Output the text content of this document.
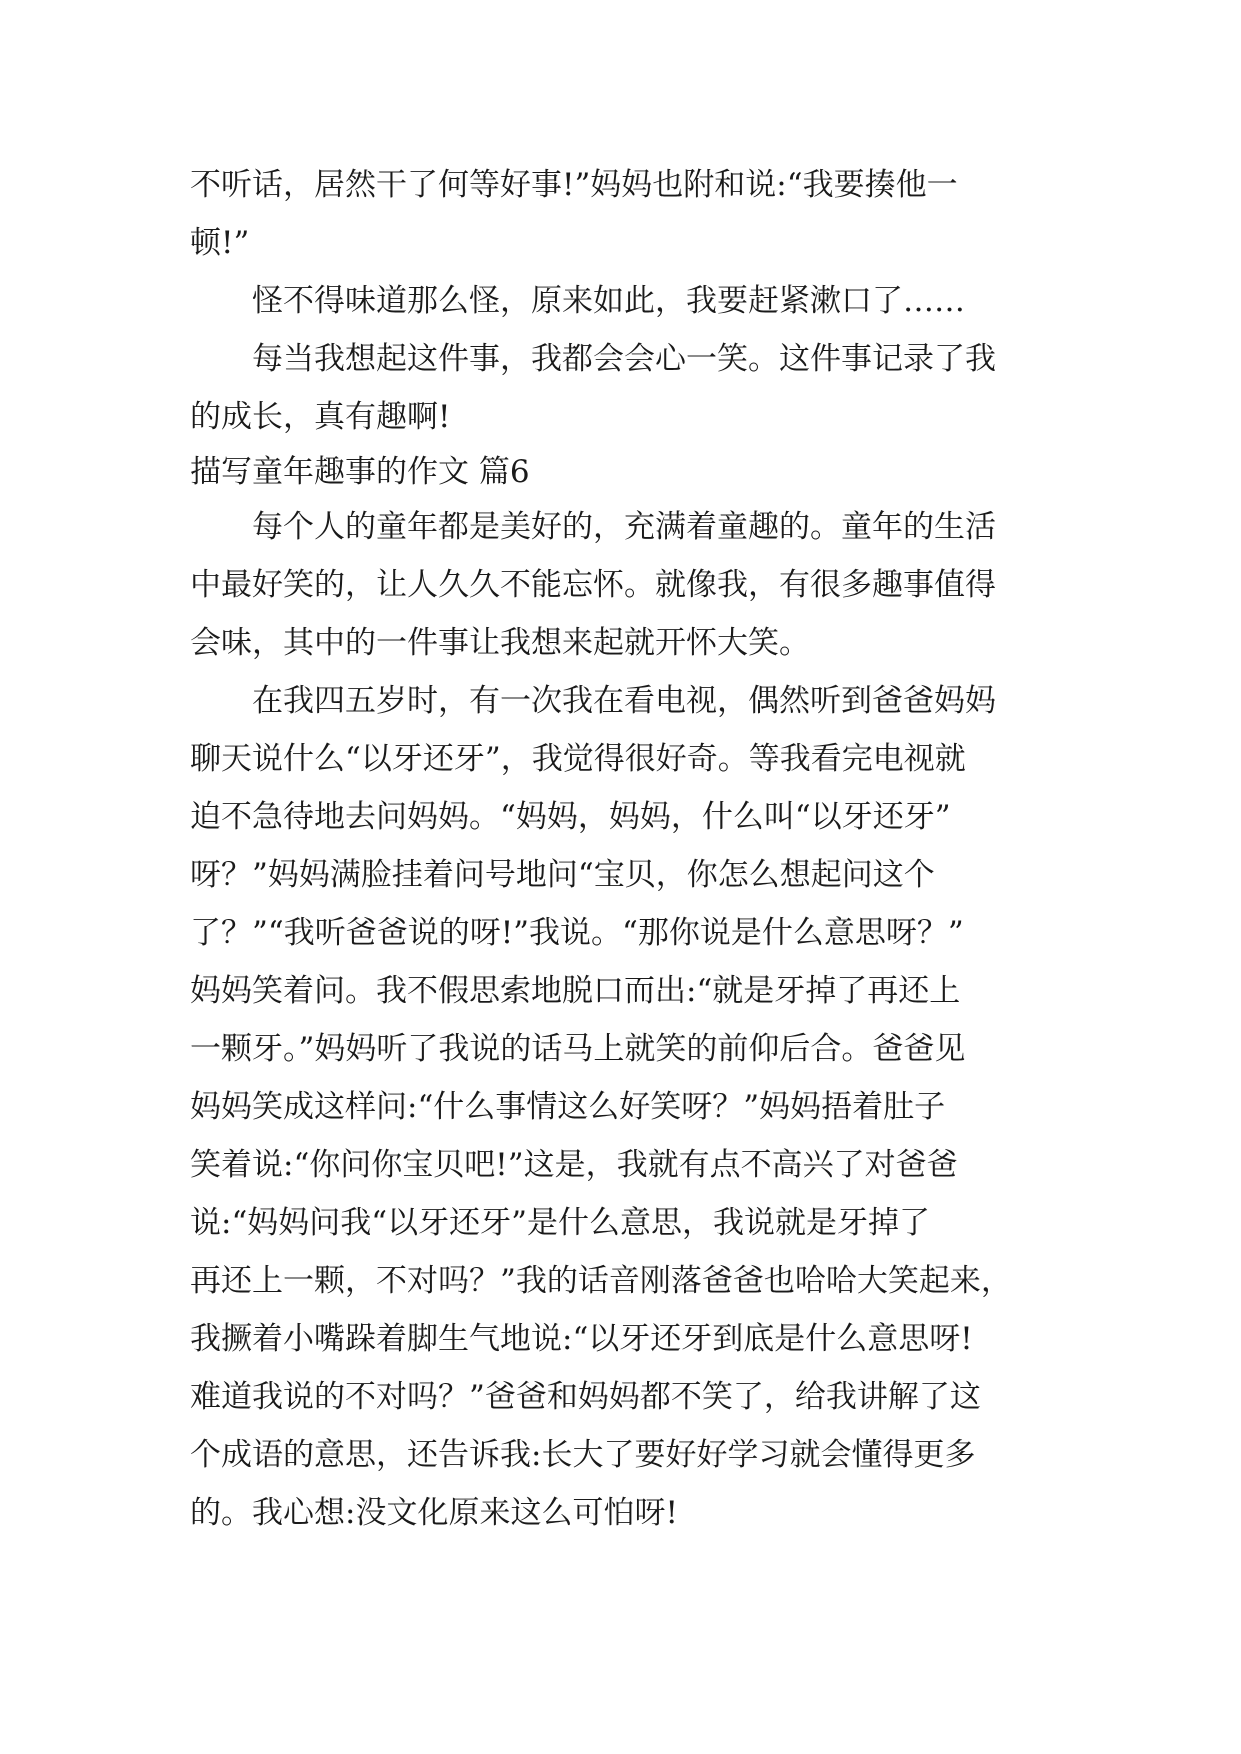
不听话，居然干了何等好事!”妈妈也附和说:“我要揍他一
顿!”
　　怪不得味道那么怪，原来如此，我要赶紧漱口了……
　　每当我想起这件事，我都会会心一笑。这件事记录了我
的成长，真有趣啊!
描写童年趣事的作文 篇6
　　每个人的童年都是美好的，充满着童趣的。童年的生活
中最好笑的，让人久久不能忘怀。就像我，有很多趣事值得
会味，其中的一件事让我想来起就开怀大笑。
　　在我四五岁时，有一次我在看电视，偶然听到爸爸妈妈
聊天说什么“以牙还牙”，我觉得很好奇。等我看完电视就
迫不急待地去问妈妈。“妈妈，妈妈，什么叫“以牙还牙”
呀？”妈妈满脸挂着问号地问“宝贝，你怎么想起问这个
了？”“我听爸爸说的呀!”我说。“那你说是什么意思呀？”
妈妈笑着问。我不假思索地脱口而出:“就是牙掉了再还上
一颗牙。”妈妈听了我说的话马上就笑的前仰后合。爸爸见
妈妈笑成这样问:“什么事情这么好笑呀？”妈妈捂着肚子
笑着说:“你问你宝贝吧!”这是，我就有点不高兴了对爸爸
说:“妈妈问我“以牙还牙”是什么意思，我说就是牙掉了
再还上一颗，不对吗？”我的话音刚落爸爸也哈哈大笑起来，
我撅着小嘴跺着脚生气地说:“以牙还牙到底是什么意思呀!
难道我说的不对吗？”爸爸和妈妈都不笑了，给我讲解了这
个成语的意思，还告诉我:长大了要好好学习就会懂得更多
的。我心想:没文化原来这么可怕呀!
